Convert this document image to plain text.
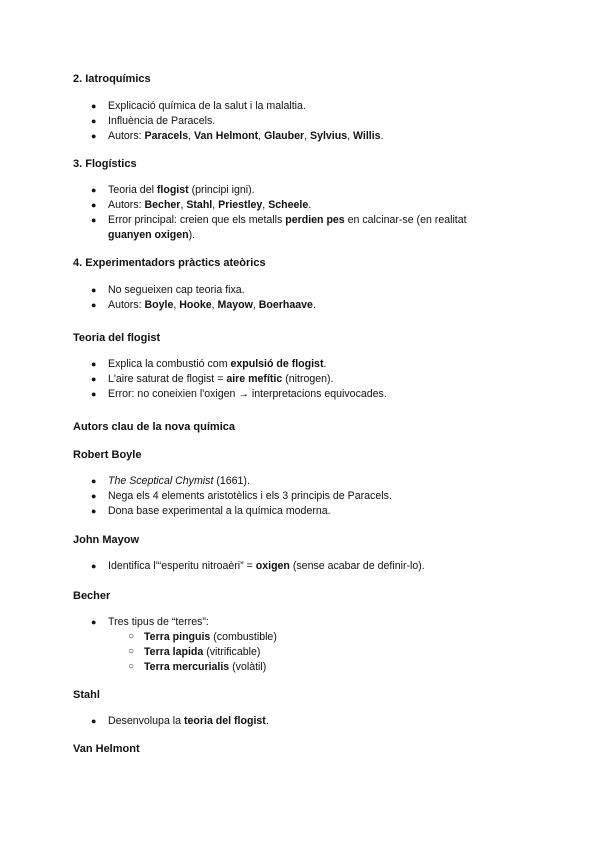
2. Iatroquímics
● Explicació química de la salut i la malaltia.
● Influència de Paracels.
● Autors: Paracels, Van Helmont, Glauber, Sylvius, Willis.
3. Flogístics
● Teoria del flogist (principi igni).
● Autors: Becher, Stahl, Priestley, Scheele.
● Error principal: creien que els metalls perdien pes en calcinar-se (en realitat
guanyen oxigen).
4. Experimentadors pràctics ateòrics
● No segueixen cap teoria fixa.
● Autors: Boyle, Hooke, Mayow, Boerhaave.
Teoria del flogist
● Explica la combustió com expulsió de flogist.
● L'aire saturat de flogist = aire mefític (nitrogen).
● Error: no coneixien l'oxigen → interpretacions equivocades.
Autors clau de la nova química
Robert Boyle
● The Sceptical Chymist (1661).
● Nega els 4 elements aristotèlics i els 3 principis de Paracels.
● Dona base experimental a la química moderna.
John Mayow
● Identifica l'“esperitu nitroaèri” = oxigen (sense acabar de definir-lo).
Becher
● Tres tipus de “terres”:
○ Terra pinguis (combustible)
○ Terra lapida (vitrificable)
○ Terra mercurialis (volàtil)
Stahl
● Desenvolupa la teoria del flogist.
Van Helmont
